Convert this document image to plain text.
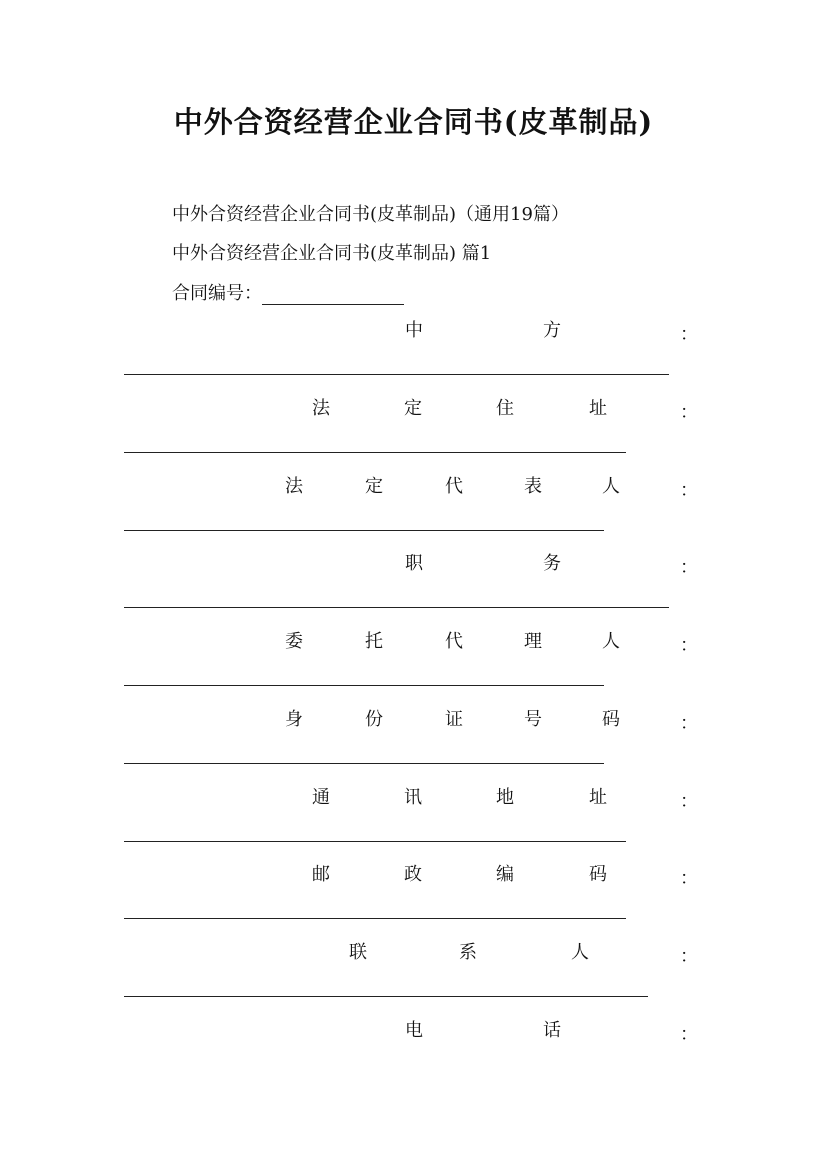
中外合资经营企业合同书(皮革制品)
中外合资经营企业合同书(皮革制品)（通用19篇）
中外合资经营企业合同书(皮革制品) 篇1
合同编号：
中	方	：
法	定	住	址	：
法	定	代	表	人	：
职	务	：
委	托	代	理	人	：
身	份	证	号	码	：
通	讯	地	址	：
邮	政	编	码	：
联	系	人	：
电	话	：
